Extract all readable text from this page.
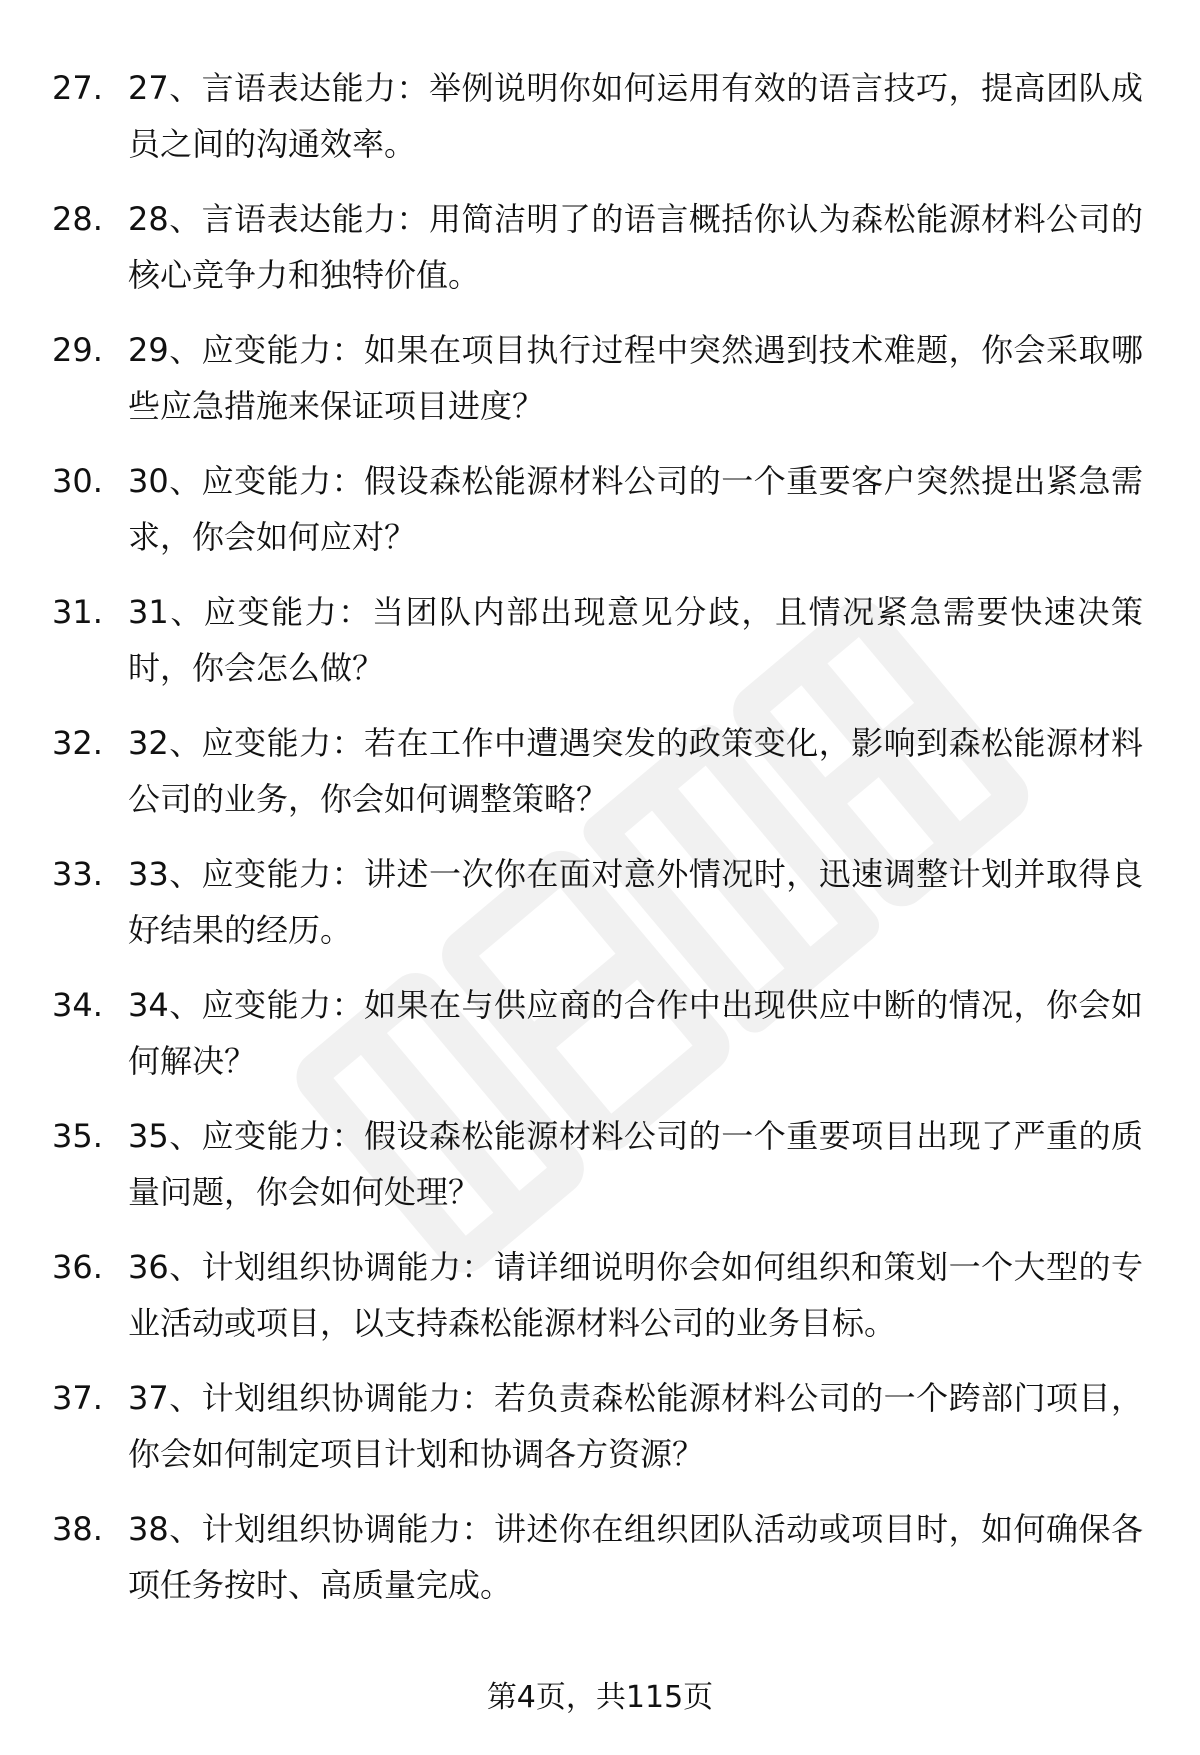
27. 27、言语表达能力：举例说明你如何运用有效的语言技巧，提高团队成员之间的沟通效率。
28. 28、言语表达能力：用简洁明了的语言概括你认为森松能源材料公司的核心竞争力和独特价值。
29. 29、应变能力：如果在项目执行过程中突然遇到技术难题，你会采取哪些应急措施来保证项目进度？
30. 30、应变能力：假设森松能源材料公司的一个重要客户突然提出紧急需求，你会如何应对？
31. 31、应变能力：当团队内部出现意见分歧，且情况紧急需要快速决策时，你会怎么做？
32. 32、应变能力：若在工作中遭遇突发的政策变化，影响到森松能源材料公司的业务，你会如何调整策略？
33. 33、应变能力：讲述一次你在面对意外情况时，迅速调整计划并取得良好结果的经历。
34. 34、应变能力：如果在与供应商的合作中出现供应中断的情况，你会如何解决？
35. 35、应变能力：假设森松能源材料公司的一个重要项目出现了严重的质量问题，你会如何处理？
36. 36、计划组织协调能力：请详细说明你会如何组织和策划一个大型的专业活动或项目，以支持森松能源材料公司的业务目标。
37. 37、计划组织协调能力：若负责森松能源材料公司的一个跨部门项目，你会如何制定项目计划和协调各方资源？
38. 38、计划组织协调能力：讲述你在组织团队活动或项目时，如何确保各项任务按时、高质量完成。
第4页，共115页
